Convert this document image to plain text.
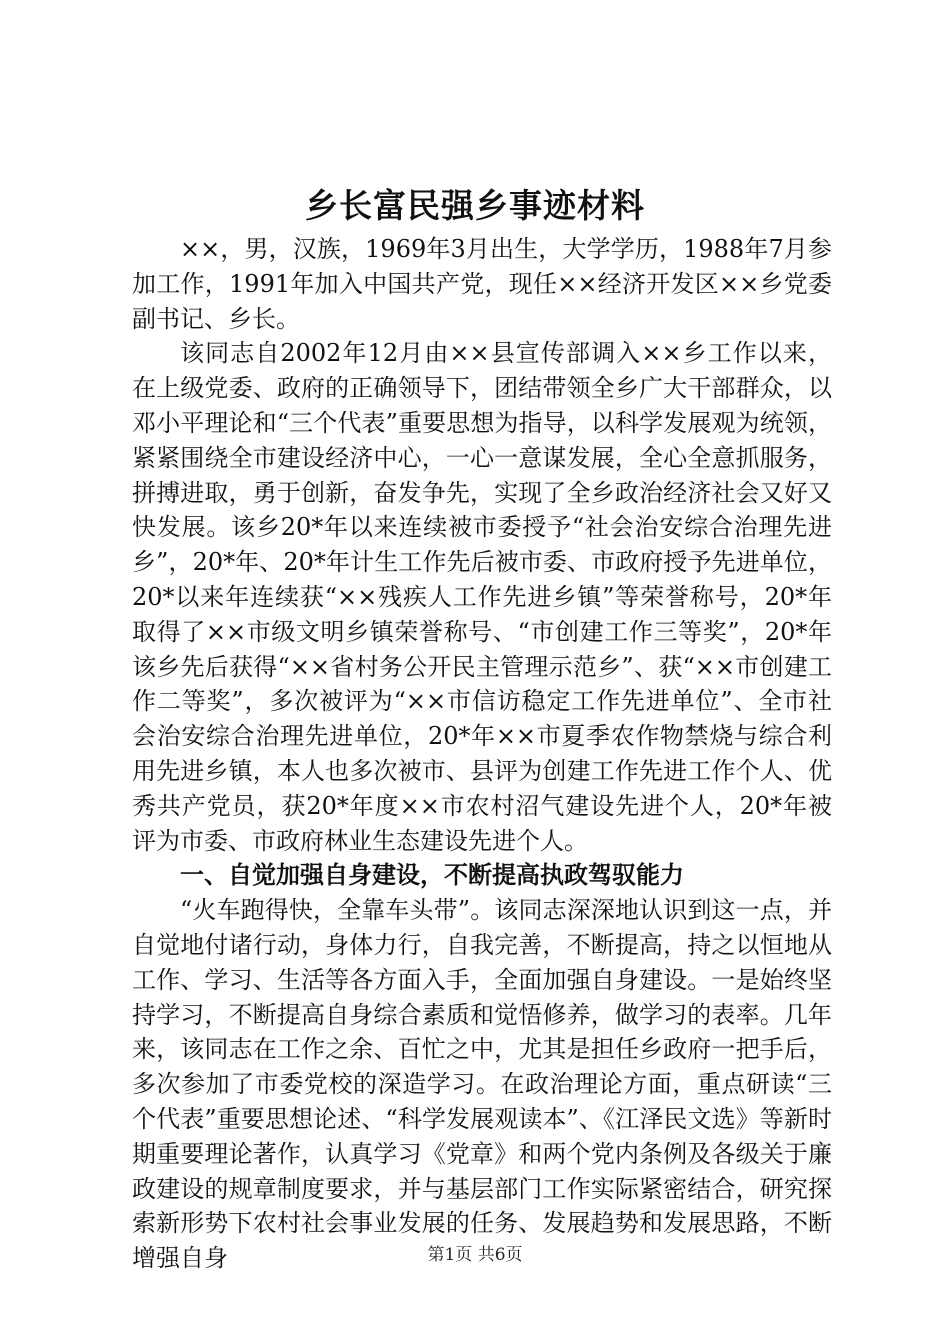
乡长富民强乡事迹材料

××，男，汉族，1969年3月出生，大学学历，1988年7月参加工作，1991年加入中国共产党，现任××经济开发区××乡党委副书记、乡长。

该同志自2002年12月由××县宣传部调入××乡工作以来，在上级党委、政府的正确领导下，团结带领全乡广大干部群众，以邓小平理论和“三个代表”重要思想为指导，以科学发展观为统领，紧紧围绕全市建设经济中心，一心一意谋发展，全心全意抓服务，拼搏进取，勇于创新，奋发争先，实现了全乡政治经济社会又好又快发展。该乡20*年以来连续被市委授予“社会治安综合治理先进乡”，20*年、20*年计生工作先后被市委、市政府授予先进单位，20*以来年连续获“××残疾人工作先进乡镇”等荣誉称号，20*年取得了××市级文明乡镇荣誉称号、“市创建工作三等奖”，20*年该乡先后获得“××省村务公开民主管理示范乡”、获“××市创建工作二等奖”，多次被评为“××市信访稳定工作先进单位”、全市社会治安综合治理先进单位，20*年××市夏季农作物禁烧与综合利用先进乡镇，本人也多次被市、县评为创建工作先进工作个人、优秀共产党员，获20*年度××市农村沼气建设先进个人，20*年被评为市委、市政府林业生态建设先进个人。

一、自觉加强自身建设，不断提高执政驾驭能力

“火车跑得快，全靠车头带”。该同志深深地认识到这一点，并自觉地付诸行动，身体力行，自我完善，不断提高，持之以恒地从工作、学习、生活等各方面入手，全面加强自身建设。一是始终坚持学习，不断提高自身综合素质和觉悟修养，做学习的表率。几年来，该同志在工作之余、百忙之中，尤其是担任乡政府一把手后，多次参加了市委党校的深造学习。在政治理论方面，重点研读“三个代表”重要思想论述、“科学发展观读本”、《江泽民文选》等新时期重要理论著作，认真学习《党章》和两个党内条例及各级关于廉政建设的规章制度要求，并与基层部门工作实际紧密结合，研究探索新形势下农村社会事业发展的任务、发展趋势和发展思路，不断增强自身	第1页 共6页
